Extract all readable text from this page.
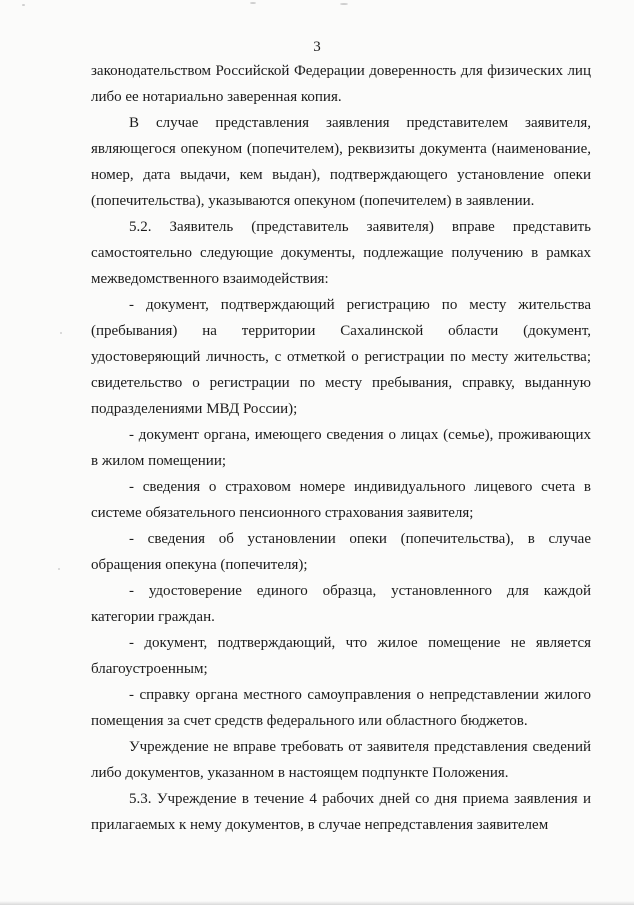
3

законодательством Российской Федерации доверенность для физических лиц либо ее нотариально заверенная копия.

В случае представления заявления представителем заявителя, являющегося опекуном (попечителем), реквизиты документа (наименование, номер, дата выдачи, кем выдан), подтверждающего установление опеки (попечительства), указываются опекуном (попечителем) в заявлении.

5.2. Заявитель (представитель заявителя) вправе представить самостоятельно следующие документы, подлежащие получению в рамках межведомственного взаимодействия:

- документ, подтверждающий регистрацию по месту жительства (пребывания) на территории Сахалинской области (документ, удостоверяющий личность, с отметкой о регистрации по месту жительства; свидетельство о регистрации по месту пребывания, справку, выданную подразделениями МВД России);

- документ органа, имеющего сведения о лицах (семье), проживающих в жилом помещении;

- сведения о страховом номере индивидуального лицевого счета в системе обязательного пенсионного страхования заявителя;

- сведения об установлении опеки (попечительства), в случае обращения опекуна (попечителя);

- удостоверение единого образца, установленного для каждой категории граждан.

- документ, подтверждающий, что жилое помещение не является благоустроенным;

- справку органа местного самоуправления о непредставлении жилого помещения за счет средств федерального или областного бюджетов.

Учреждение не вправе требовать от заявителя представления сведений либо документов, указанном в настоящем подпункте Положения.

5.3. Учреждение в течение 4 рабочих дней со дня приема заявления и прилагаемых к нему документов, в случае непредставления заявителем
